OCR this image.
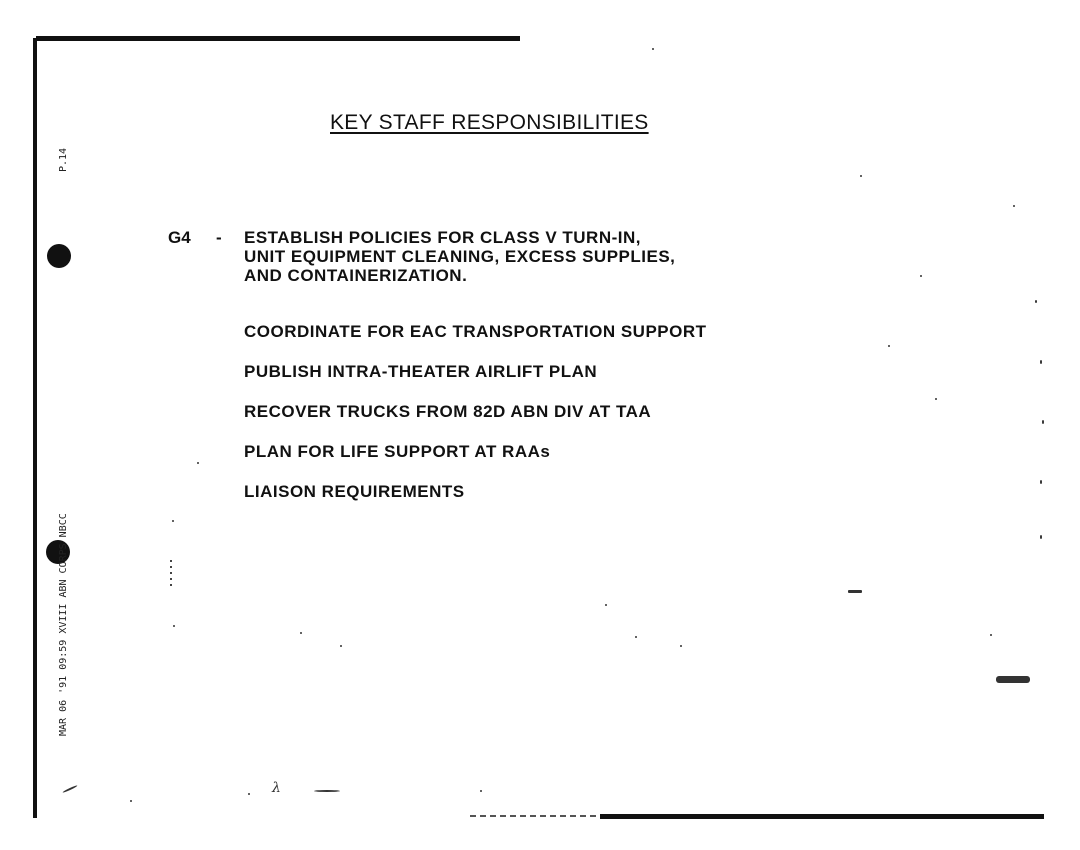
MAR 06 '91 09:59 XVIII ABN CORPS NBCC
P.14
KEY STAFF RESPONSIBILITIES
G4 - ESTABLISH POLICIES FOR CLASS V TURN-IN,
UNIT EQUIPMENT CLEANING, EXCESS SUPPLIES,
AND CONTAINERIZATION.
COORDINATE FOR EAC TRANSPORTATION SUPPORT
PUBLISH INTRA-THEATER AIRLIFT PLAN
RECOVER TRUCKS FROM 82D ABN DIV AT TAA
PLAN FOR LIFE SUPPORT AT RAAs
LIAISON REQUIREMENTS
λ
